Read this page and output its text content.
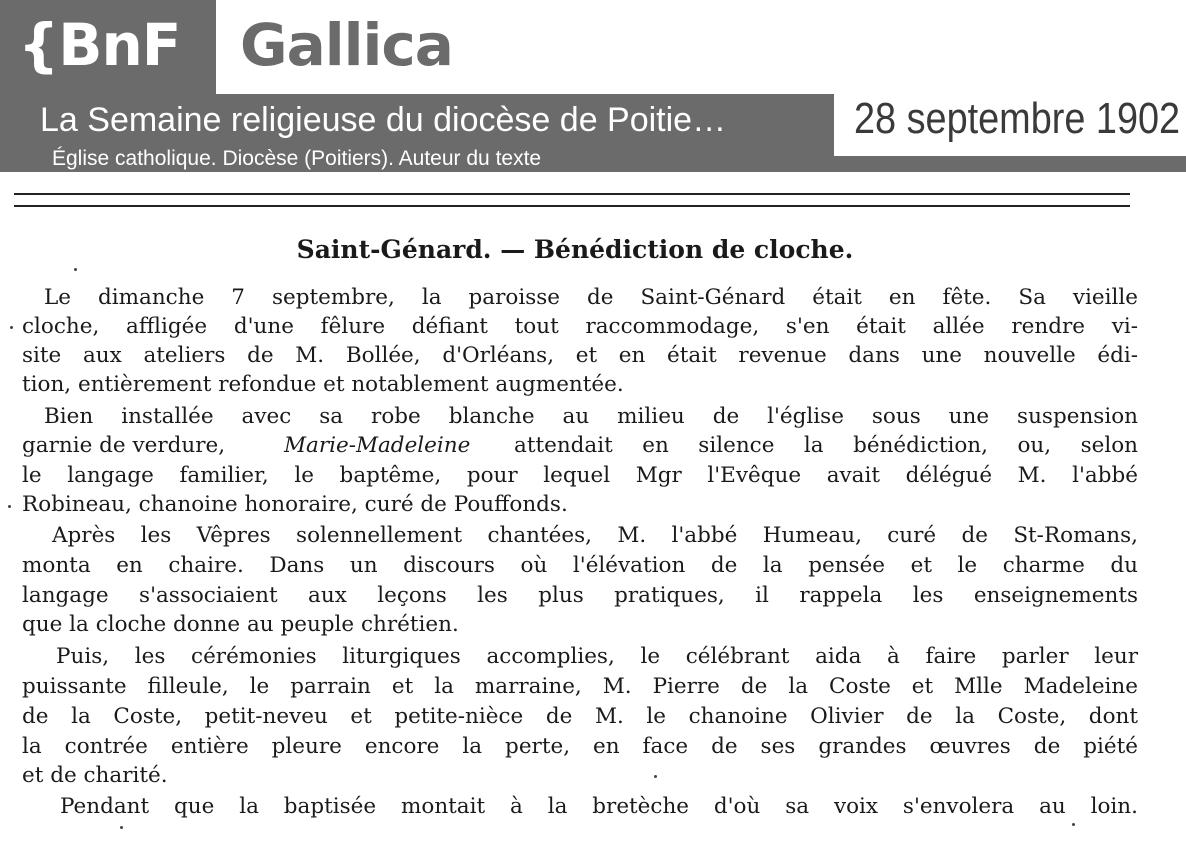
{BnF Gallica
La Semaine religieuse du diocèse de Poitie…
Église catholique. Diocèse (Poitiers). Auteur du texte
28 septembre 1902
Saint-Génard. — Bénédiction de cloche.
Le dimanche 7 septembre, la paroisse de Saint-Génard était en fête. Sa vieille
cloche, affligée d'une fêlure défiant tout raccommodage, s'en était allée rendre vi-
site aux ateliers de M. Bollée, d'Orléans, et en était revenue dans une nouvelle édi-
tion, entièrement refondue et notablement augmentée.
Bien installée avec sa robe blanche au milieu de l'église sous une suspension
garnie de verdure,	Marie-Madeleine attendait en silence la bénédiction, ou, selon
le langage familier, le baptême, pour lequel Mgr l'Evêque avait délégué M. l'abbé
Robineau, chanoine honoraire, curé de Pouffonds.
Après les Vêpres solennellement chantées, M. l'abbé Humeau, curé de St-Romans,
monta en chaire. Dans un discours où l'élévation de la pensée et le charme du
langage s'associaient aux leçons les plus pratiques, il rappela les enseignements
que la cloche donne au peuple chrétien.
Puis, les cérémonies liturgiques accomplies, le célébrant aida à faire parler leur
puissante filleule, le parrain et la marraine, M. Pierre de la Coste et Mlle Madeleine
de la Coste, petit-neveu et petite-nièce de M. le chanoine Olivier de la Coste, dont
la contrée entière pleure encore la perte, en face de ses grandes œuvres de piété
et de charité.
Pendant que la baptisée montait à la bretèche d'où sa voix s'envolera au loin.
